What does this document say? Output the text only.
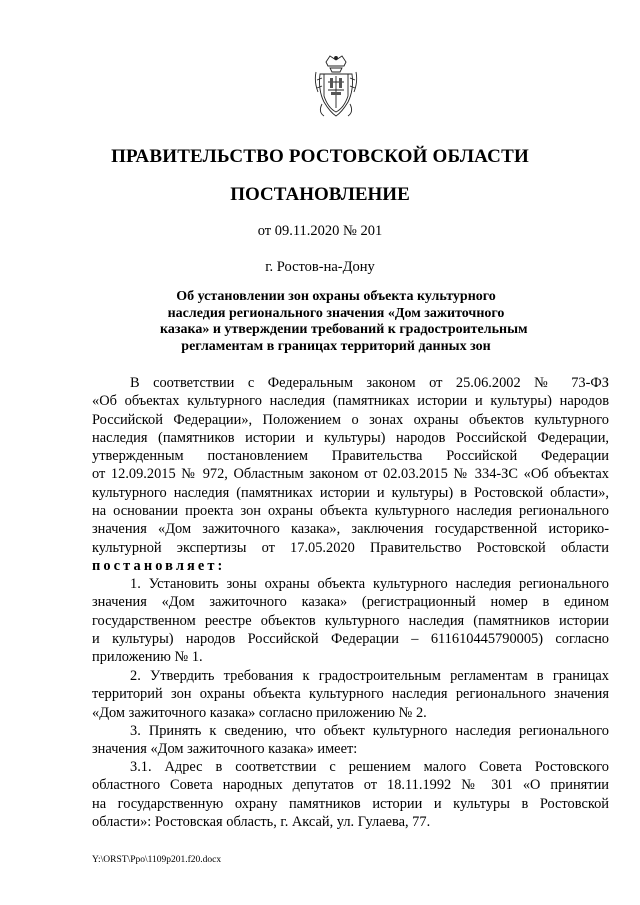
ПРАВИТЕЛЬСТВО РОСТОВСКОЙ ОБЛАСТИ
ПОСТАНОВЛЕНИЕ
от 09.11.2020 № 201
г. Ростов-на-Дону
Об установлении зон охраны объекта культурного
наследия регионального значения «Дом зажиточного
казака» и утверждении требований к градостроительным
регламентам в границах территорий данных зон
В соответствии с Федеральным законом от 25.06.2002 № 73-ФЗ
«Об объектах культурного наследия (памятниках истории и культуры) народов
Российской Федерации», Положением о зонах охраны объектов культурного
наследия (памятников истории и культуры) народов Российской Федерации,
утвержденным постановлением Правительства Российской Федерации
от 12.09.2015 № 972, Областным законом от 02.03.2015 № 334-ЗС «Об объектах
культурного наследия (памятниках истории и культуры) в Ростовской области»,
на основании проекта зон охраны объекта культурного наследия регионального
значения «Дом зажиточного казака», заключения государственной историко-
культурной экспертизы от 17.05.2020 Правительство Ростовской области
постановляет:
1. Установить зоны охраны объекта культурного наследия регионального
значения «Дом зажиточного казака» (регистрационный номер в едином
государственном реестре объектов культурного наследия (памятников истории
и культуры) народов Российской Федерации – 611610445790005) согласно
приложению № 1.
2. Утвердить требования к градостроительным регламентам в границах
территорий зон охраны объекта культурного наследия регионального значения
«Дом зажиточного казака» согласно приложению № 2.
3. Принять к сведению, что объект культурного наследия регионального
значения «Дом зажиточного казака» имеет:
3.1. Адрес в соответствии с решением малого Совета Ростовского
областного Совета народных депутатов от 18.11.1992 № 301 «О принятии
на государственную охрану памятников истории и культуры в Ростовской
области»: Ростовская область, г. Аксай, ул. Гулаева, 77.
Y:\ORST\Ppo\1109p201.f20.docx
